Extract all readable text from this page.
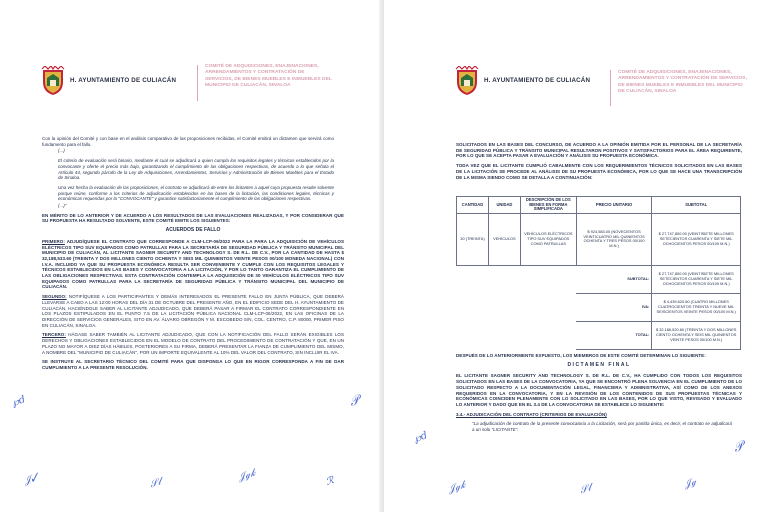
H. AYUNTAMIENTO DE CULIACÁN
COMITÉ DE ADQUISICIONES, ENAJENACIONES, ARRENDAMIENTOS Y CONTRATACIÓN DE SERVICIOS, DE BIENES MUEBLES E INMUEBLES DEL MUNICIPIO DE CULIACÁN, SINALOA

Con la opinión del Comité y con base en el análisis comparativo de las proposiciones recibidas, el Comité emitirá un dictamen que servirá como fundamento para el fallo.

(...)

El criterio de evaluación será binario, mediante el cual se adjudicará a quien cumpla los requisitos legales y técnicos establecidos por la convocante y oferte el precio más bajo, garantizando el cumplimiento de las obligaciones respectivas, de acuerdo a lo que señala el Artículo 44, segundo párrafo de la Ley de Adquisiciones, Arrendamientos, Servicios y Administración de Bienes Muebles para el Estado de Sinaloa.

Una vez hecha la evaluación de las proposiciones, el contrato se adjudicará de entre los licitantes a aquel cuya propuesta resulte solvente porque reúne, conforme a los criterios de adjudicación establecidos en las bases de la licitación, las condiciones legales, técnicas y económicas requeridas por la "CONVOCANTE" y garantice satisfactoriamente el cumplimiento de las obligaciones respectivas.

(...)"

EN MÉRITO DE LO ANTERIOR Y DE ACUERDO A LOS RESULTADOS DE LAS EVALUACIONES REALIZADAS, Y POR CONSIDERAR QUE SU PROPUESTA HA RESULTADO SOLVENTE, ESTE COMITÉ EMITE LOS SIGUIENTES:

ACUERDOS DE FALLO

PRIMERO: ADJUDÍQUESE EL CONTRATO QUE CORRESPONDE A CLM-LCP-06/2022 PARA LA PARA LA ADQUISICIÓN DE VEHÍCULOS ELÉCTRICOS TIPO SUV EQUIPADOS COMO PATRULLAS PARA LA SECRETARÍA DE SEGURIDAD PÚBLICA Y TRÁNSITO MUNICIPAL DEL MUNICIPIO DE CULIACÁN, AL LICITANTE SAGNER SECURITY AND TECHNOLOGY S. DE R.L. DE C.V., POR LA CANTIDAD DE HASTA $ 32,188,533.60 (TREINTA Y DOS MILLONES CIENTO OCHENTA Y SEIS MIL QUINIENTOS VEINTE PESOS 00/100 MONEDA NACIONAL) CON I.V.A. INCLUIDO YA QUE SU PROPUESTA ECONÓMICA RESULTA SER CONVENIENTE Y CUMPLE CON LOS REQUISITOS LEGALES Y TÉCNICOS ESTABLECIDOS EN LAS BASES Y CONVOCATORIA A LA LICITACIÓN, Y POR LO TANTO GARANTIZA EL CUMPLIMIENTO DE LAS OBLIGACIONES RESPECTIVAS. ESTA CONTRATACIÓN CONTEMPLA LA ADQUISICIÓN DE 30 VEHÍCULOS ELÉCTRICOS TIPO SUV EQUIPADOS COMO PATRULLAS PARA LA SECRETARÍA DE SEGURIDAD PÚBLICA Y TRÁNSITO MUNICIPAL DEL MUNICIPIO DE CULIACÁN.

SEGUNDO: NOTIFÍQUESE A LOS PARTICIPANTES Y DEMÁS INTERESADOS EL PRESENTE FALLO EN JUNTA PÚBLICA, QUE DEBERÁ LLEVARSE A CABO A LAS 12:00 HORAS DEL DÍA 31 DE OCTUBRE DEL PRESENTE AÑO, EN EL EDIFICIO SEDE DEL H. AYUNTAMIENTO DE CULIACÁN, HACIÉNDOLE SABER AL LICITANTE ADJUDICADO, QUE DEBERÁ PASAR A FIRMAR EL CONTRATO CORRESPONDIENTE EN LOS PLAZOS ESTIPULADOS EN EL PUNTO 7.5 DE LA LICITACIÓN PÚBLICA NACIONAL CLM-LCP-06/2022, EN LAS OFICINAS DE LA DIRECCIÓN DE SERVICIOS GENERALES, SITO EN AV. ÁLVARO OBREGÓN Y M. ESCOBEDO S/N, COL. CENTRO, C.P. 80000, PRIMER PISO EN CULIACÁN, SINALOA.

TERCERO: HÁGASE SABER TAMBIÉN AL LICITANTE ADJUDICADO, QUE CON LA NOTIFICACIÓN DEL FALLO SERÁN EXIGIBLES LOS DERECHOS Y OBLIGACIONES ESTABLECIDOS EN EL MODELO DE CONTRATO DEL PROCEDIMIENTO DE CONTRATACIÓN Y QUE, EN UN PLAZO NO MAYOR A DIEZ DÍAS HÁBILES, POSTERIORES A SU FIRMA, DEBERÁ PRESENTAR LA FIANZA DE CUMPLIMIENTO DEL MISMO, A NOMBRE DEL "MUNICIPIO DE CULIACÁN", POR UN IMPORTE EQUIVALENTE AL 10% DEL VALOR DEL CONTRATO, SIN INCLUIR EL IVA.

SE INSTRUYE AL SECRETARIO TÉCNICO DEL COMITÉ PARA QUE DISPONGA LO QUE EN RIGOR CORRESPONDA A FIN DE DAR CUMPLIMIENTO A LA PRESENTE RESOLUCIÓN.

℘d
𝒥✓	𝒮𝓁
𝒥ℊ𝓀	ℛ
𝒫
H. AYUNTAMIENTO DE CULIACÁN
COMITÉ DE ADQUISICIONES, ENAJENACIONES, ARRENDAMIENTOS Y CONTRATACIÓN DE SERVICIOS, DE BIENES MUEBLES E INMUEBLES DEL MUNICIPIO DE CULIACÁN, SINALOA

SOLICITADOS EN LAS BASES DEL CONCURSO, DE ACUERDO A LA OPINIÓN EMITIDA POR EL PERSONAL DE LA SECRETARÍA DE SEGURIDAD PÚBLICA Y TRÁNSITO MUNICIPAL RESULTARON POSITIVOS Y SATISFACTORIOS PARA EL ÁREA REQUIRENTE, POR LO QUE SE ACEPTA PASAR A EVALUACIÓN Y ANÁLISIS SU PROPUESTA ECONÓMICA.

TODA VEZ QUE EL LICITANTE CUMPLIÓ CABALMENTE CON LOS REQUERIMIENTOS TÉCNICOS SOLICITADOS EN LAS BASES DE LA LICITACIÓN SE PROCEDE AL ANÁLISIS DE SU PROPUESTA ECONÓMICA, POR LO QUE SE HACE UNA TRANSCRIPCIÓN DE LA MISMA SIENDO COMO SE DETALLA A CONTINUACIÓN:

CANTIDAD	UNIDAD	DESCRIPCIÓN DE LOS BIENES EN FORMA SIMPLIFICADA	PRECIO UNITARIO	SUBTOTAL
30 (TREINTA)	VEHÍCULOS	VEHÍCULOS ELÉCTRICOS TIPO SUV EQUIPADOS COMO PATRULLAS	$ 924,583.00 (NOVECIENTOS VEINTICUATRO MIL QUINIENTOS OCHENTA Y TRES PESOS 00/100 M.N.)	$ 27,747,800.00 (VEINTISIETE MILLONES SETECIENTOS CUARENTA Y SIETE MIL OCHOCIENTOS PESOS 00/100 M.N.)
			SUBTOTAL:	$ 27,747,800.00 (VEINTISIETE MILLONES SETECIENTOS CUARENTA Y SIETE MIL OCHOCIENTOS PESOS 00/100 M.N.)
			IVA:	$ 4,439,620.60 (CUATRO MILLONES CUATROCIENTOS TREINTA Y NUEVE MIL SEISCIENTOS VEINTE PESOS 00/100 M.N.)
			TOTAL:	$ 32,186,520.60 (TREINTA Y DOS MILLONES CIENTO OCHENTA Y SEIS MIL QUINIENTOS VEINTE PESOS 00/100 M.N.)

DESPUÉS DE LO ANTERIORMENTE EXPUESTO, LOS MIEMBROS DE ESTE COMITÉ DETERMINAN LO SIGUIENTE:

DICTAMEN FINAL

EL LICITANTE SAGNER SECURITY AND TECHNOLOGY S. DE R.L. DE C.V., HA CUMPLIDO CON TODOS LOS REQUISITOS SOLICITADOS EN LAS BASES DE LA CONVOCATORIA, YA QUE SE ENCONTRÓ PLENA SOLVENCIA EN EL CUMPLIMIENTO DE LO SOLICITADO RESPECTO A LA DOCUMENTACIÓN LEGAL, FINANCIERA Y ADMINISTRATIVA, ASÍ COMO DE LOS ANEXOS REQUERIDOS EN LA CONVOCATORIA, Y EN LA REVISIÓN DE LOS CONTENIDOS DE SUS PROPUESTAS TÉCNICAS Y ECONÓMICAS COINCIDEN PLENAMENTE CON LO SOLICITADO EN LAS BASES, POR LO QUE VISTO, REVISADO Y EVALUADO LO ANTERIOR Y DADO QUE EN EL 3.4 DE LA CONVOCATORIA SE ESTABLECE LO SIGUIENTE:

3.4.- ADJUDICACIÓN DEL CONTRATO (CRITERIOS DE EVALUACIÓN)

"La adjudicación de contrato de la presente convocatoria a la Licitación, será por partida única, es decir, el contrato se adjudicará a un solo "LICITANTE".

℘d
𝒥ℊ𝓀	𝒮𝓁	𝒥ℊ
𝒫
